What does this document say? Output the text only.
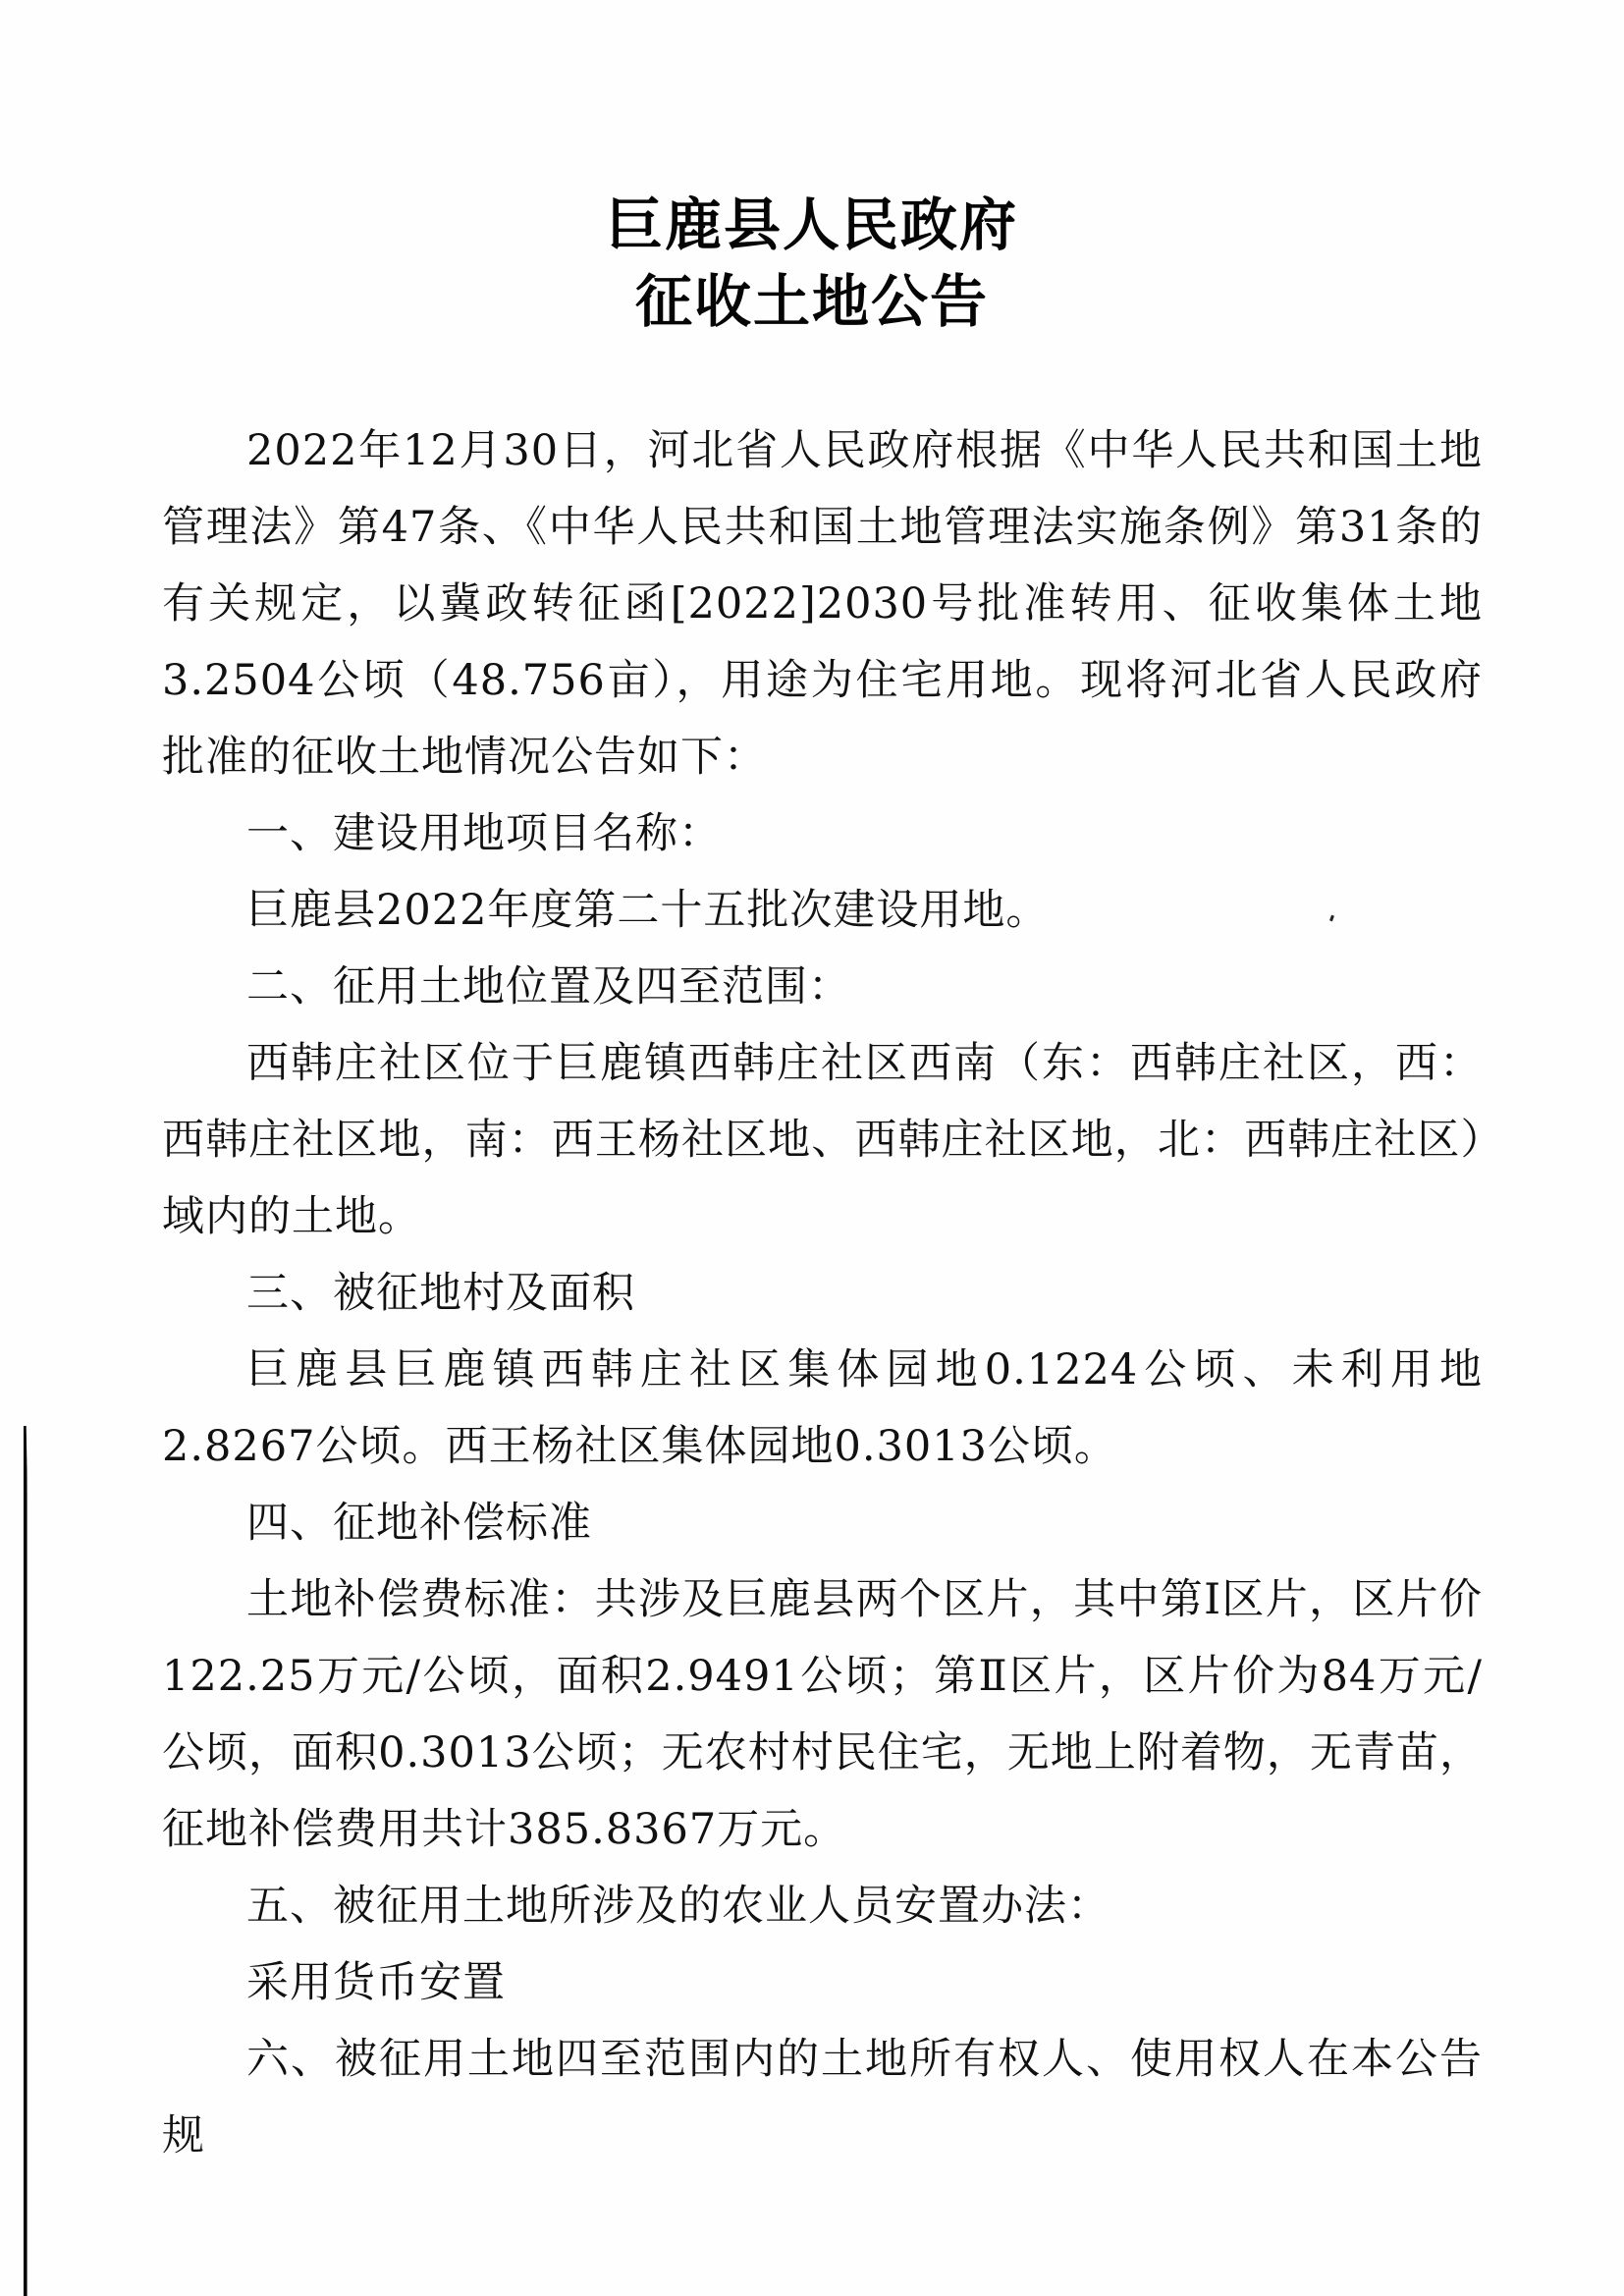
巨鹿县人民政府
征收土地公告

2022年12月30日，河北省人民政府根据《中华人民共和国土地管理法》第47条、《中华人民共和国土地管理法实施条例》第31条的有关规定，以冀政转征函[2022]2030号批准转用、征收集体土地3.2504公顷（48.756亩），用途为住宅用地。现将河北省人民政府批准的征收土地情况公告如下：

一、建设用地项目名称：

巨鹿县2022年度第二十五批次建设用地。

二、征用土地位置及四至范围：

西韩庄社区位于巨鹿镇西韩庄社区西南（东：西韩庄社区，西：西韩庄社区地，南：西王杨社区地、西韩庄社区地，北：西韩庄社区）域内的土地。

三、被征地村及面积

巨鹿县巨鹿镇西韩庄社区集体园地0.1224公顷、未利用地2.8267公顷。西王杨社区集体园地0.3013公顷。

四、征地补偿标准

土地补偿费标准：共涉及巨鹿县两个区片，其中第Ⅰ区片，区片价122.25万元/公顷，面积2.9491公顷；第Ⅱ区片，区片价为84万元/公顷，面积0.3013公顷；无农村村民住宅，无地上附着物，无青苗，征地补偿费用共计385.8367万元。

五、被征用土地所涉及的农业人员安置办法：

采用货币安置

六、被征用土地四至范围内的土地所有权人、使用权人在本公告规
